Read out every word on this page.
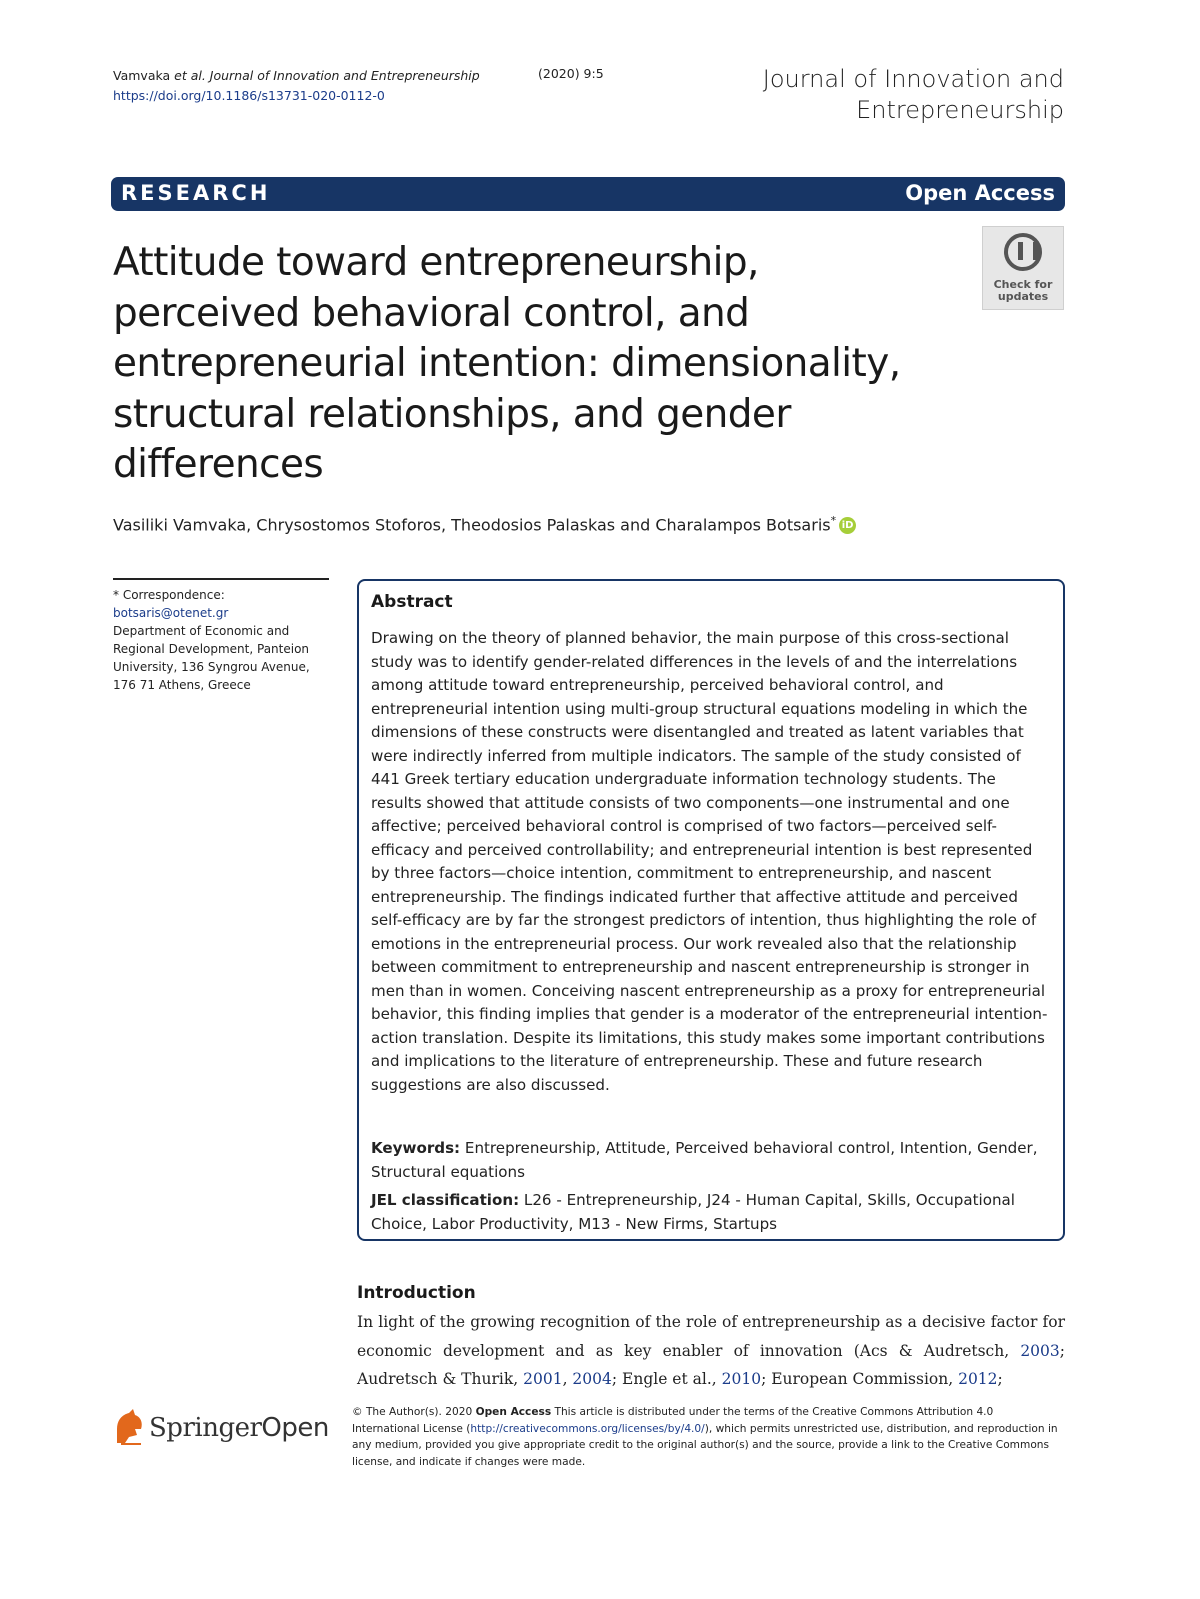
Vamvaka et al. Journal of Innovation and Entrepreneurship
https://doi.org/10.1186/s13731-020-0112-0
(2020) 9:5	Journal of Innovation and
Entrepreneurship
RESEARCH	Open Access
Attitude toward entrepreneurship, perceived behavioral control, and entrepreneurial intention: dimensionality, structural relationships, and gender differences
Check for updates
Vasiliki Vamvaka, Chrysostomos Stoforos, Theodosios Palaskas and Charalampos Botsaris* iD

* Correspondence: botsaris@otenet.gr

Department of Economic and Regional Development, Panteion University, 136 Syngrou Avenue, 176 71 Athens, Greece

Abstract
Drawing on the theory of planned behavior, the main purpose of this cross-sectional study was to identify gender-related differences in the levels of and the interrelations among attitude toward entrepreneurship, perceived behavioral control, and entrepreneurial intention using multi-group structural equations modeling in which the dimensions of these constructs were disentangled and treated as latent variables that were indirectly inferred from multiple indicators. The sample of the study consisted of 441 Greek tertiary education undergraduate information technology students. The results showed that attitude consists of two components—one instrumental and one affective; perceived behavioral control is comprised of two factors—perceived self-efficacy and perceived controllability; and entrepreneurial intention is best represented by three factors—choice intention, commitment to entrepreneurship, and nascent entrepreneurship. The findings indicated further that affective attitude and perceived self-efficacy are by far the strongest predictors of intention, thus highlighting the role of emotions in the entrepreneurial process. Our work revealed also that the relationship between commitment to entrepreneurship and nascent entrepreneurship is stronger in men than in women. Conceiving nascent entrepreneurship as a proxy for entrepreneurial behavior, this finding implies that gender is a moderator of the entrepreneurial intention-action translation. Despite its limitations, this study makes some important contributions and implications to the literature of entrepreneurship. These and future research suggestions are also discussed.
Keywords: Entrepreneurship, Attitude, Perceived behavioral control, Intention, Gender, Structural equations
JEL classification: L26 - Entrepreneurship, J24 - Human Capital, Skills, Occupational Choice, Labor Productivity, M13 - New Firms, Startups
Introduction
In light of the growing recognition of the role of entrepreneurship as a decisive factor for economic development and as key enabler of innovation (Acs & Audretsch, 2003; Audretsch & Thurik, 2001, 2004; Engle et al., 2010; European Commission, 2012;
SpringerOpen
© The Author(s). 2020 Open Access This article is distributed under the terms of the Creative Commons Attribution 4.0 International License (http://creativecommons.org/licenses/by/4.0/), which permits unrestricted use, distribution, and reproduction in any medium, provided you give appropriate credit to the original author(s) and the source, provide a link to the Creative Commons license, and indicate if changes were made.
